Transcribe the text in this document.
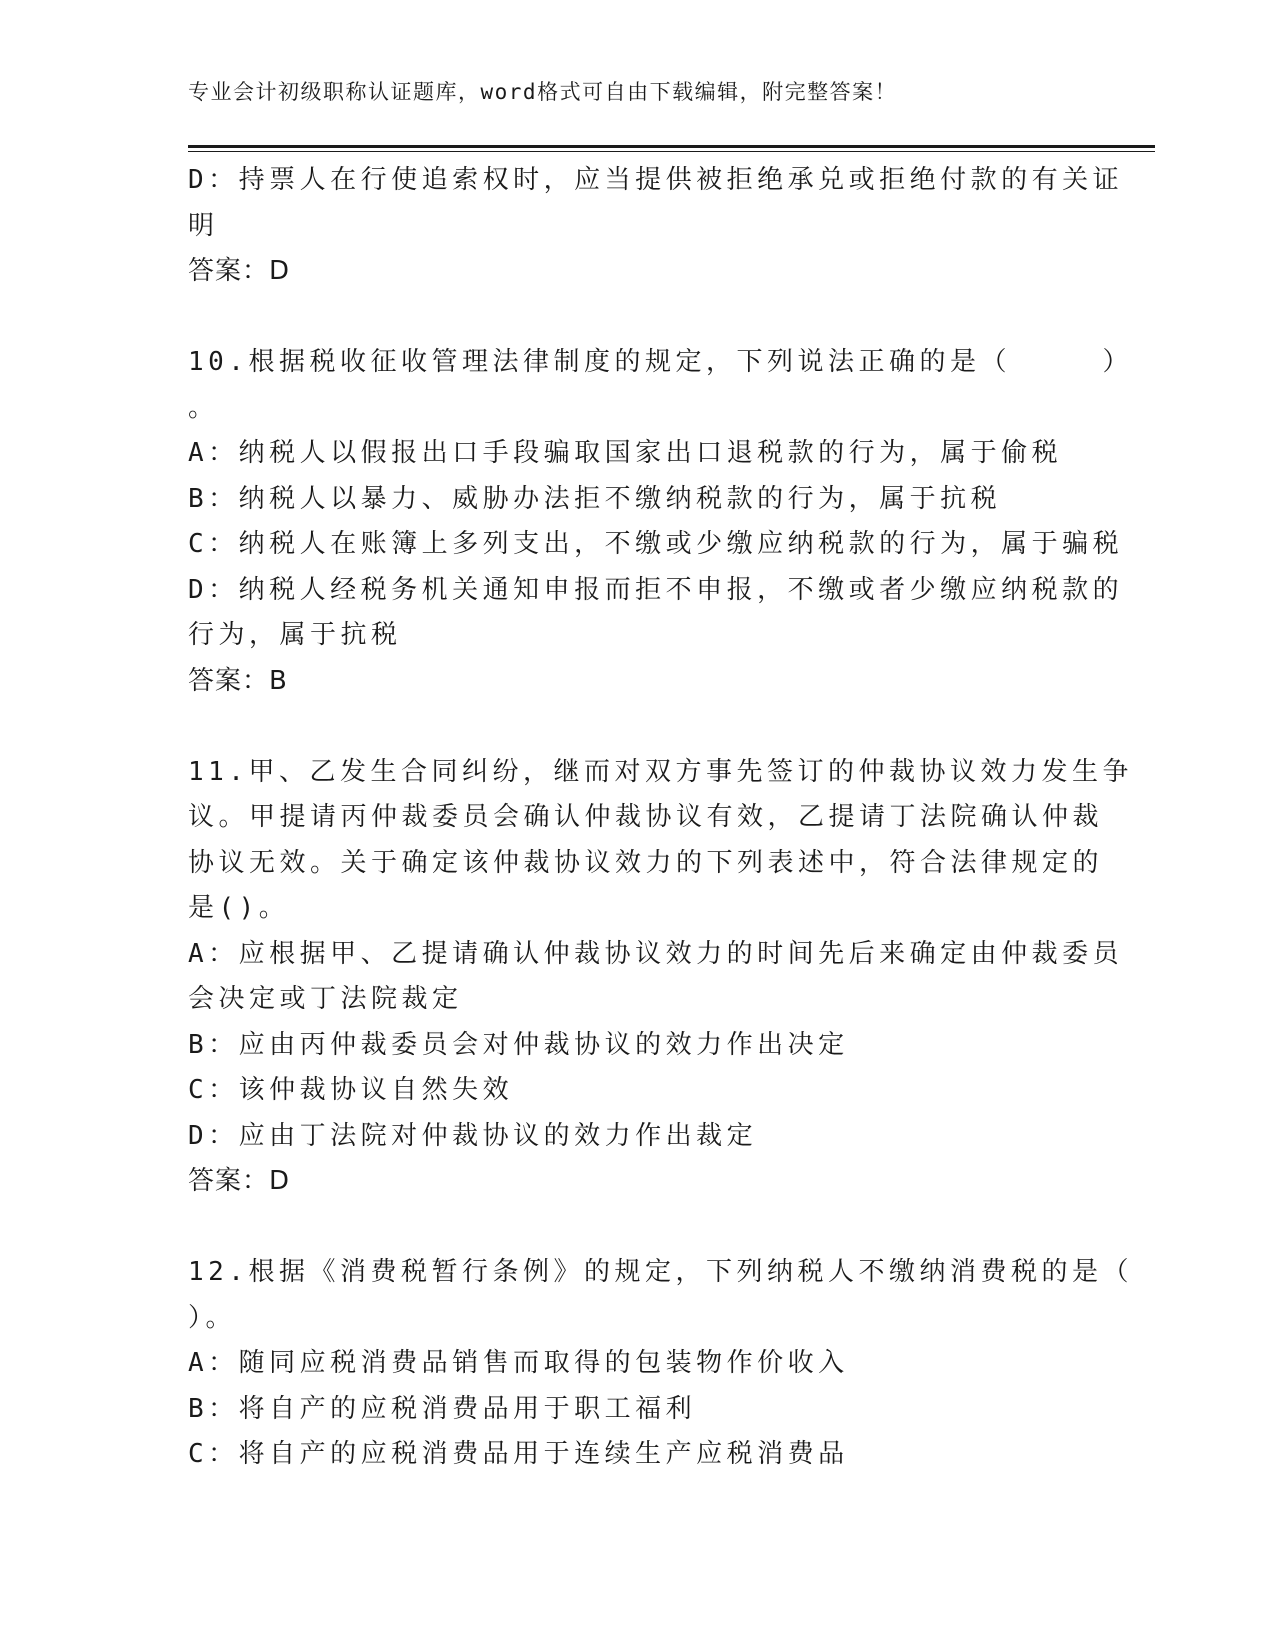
专业会计初级职称认证题库，word格式可自由下载编辑，附完整答案！
D：持票人在行使追索权时，应当提供被拒绝承兑或拒绝付款的有关证
明
答案：D
10.根据税收征收管理法律制度的规定，下列说法正确的是（　　　）
。
A：纳税人以假报出口手段骗取国家出口退税款的行为，属于偷税
B：纳税人以暴力、威胁办法拒不缴纳税款的行为，属于抗税
C：纳税人在账簿上多列支出，不缴或少缴应纳税款的行为，属于骗税
D：纳税人经税务机关通知申报而拒不申报，不缴或者少缴应纳税款的
行为，属于抗税
答案：B
11.甲、乙发生合同纠纷，继而对双方事先签订的仲裁协议效力发生争
议。甲提请丙仲裁委员会确认仲裁协议有效，乙提请丁法院确认仲裁
协议无效。关于确定该仲裁协议效力的下列表述中，符合法律规定的
是()。
A：应根据甲、乙提请确认仲裁协议效力的时间先后来确定由仲裁委员
会决定或丁法院裁定
B：应由丙仲裁委员会对仲裁协议的效力作出决定
C：该仲裁协议自然失效
D：应由丁法院对仲裁协议的效力作出裁定
答案：D
12.根据《消费税暂行条例》的规定，下列纳税人不缴纳消费税的是（
）。
A：随同应税消费品销售而取得的包装物作价收入
B：将自产的应税消费品用于职工福利
C：将自产的应税消费品用于连续生产应税消费品
